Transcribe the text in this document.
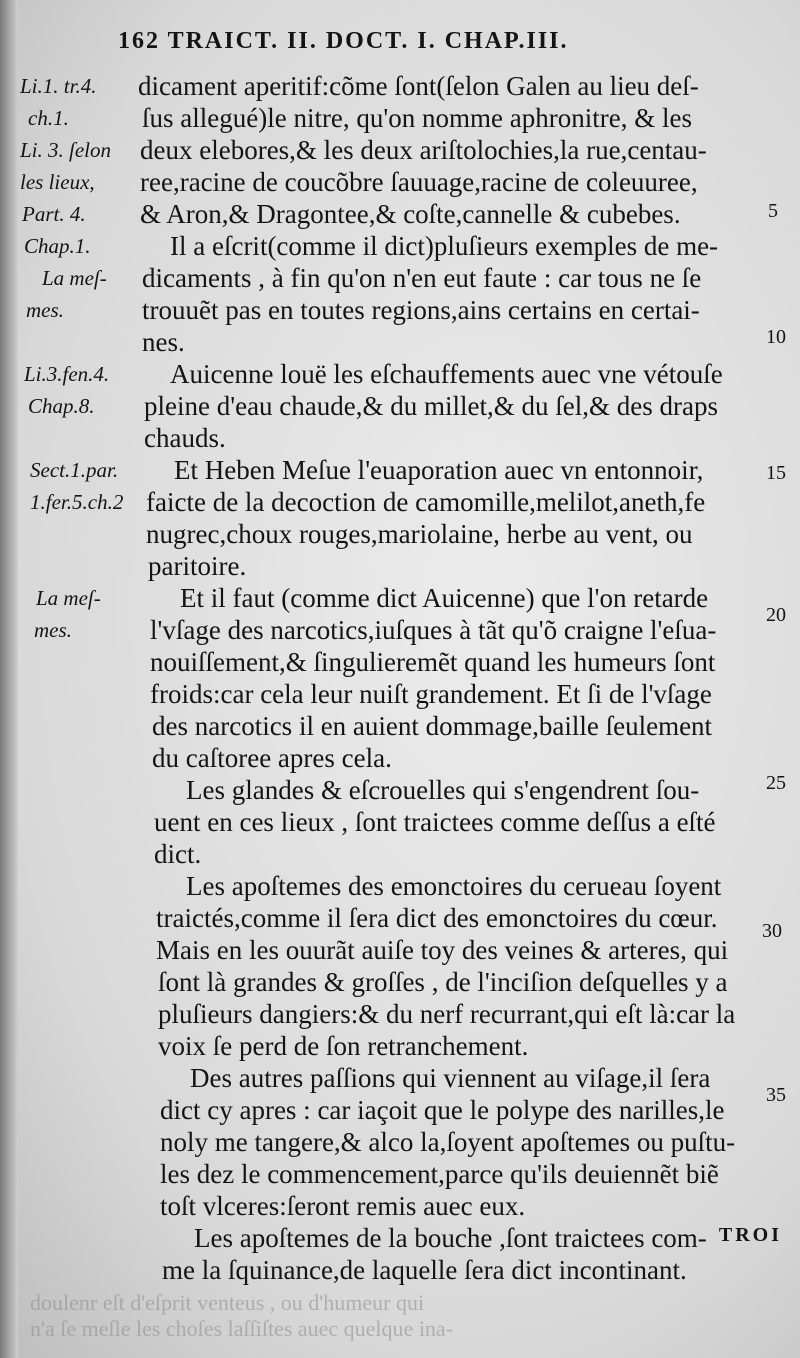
162 TRAICT. II. DOCT. I. CHAP.III.
dicament aperitif:cõme ſont(ſelon Galen au lieu deſ-
ſus allegué)le nitre, qu'on nomme aphronitre, & les
deux elebores,& les deux ariſtolochies,la rue,centau-
ree,racine de coucõbre ſauuage,racine de coleuuree,
& Aron,& Dragontee,& coſte,cannelle & cubebes.
Il a eſcrit(comme il dict)pluſieurs exemples de me-
dicaments , à fin qu'on n'en eut faute : car tous ne ſe
trouuẽt pas en toutes regions,ains certains en certai-
nes.
Auicenne louë les eſchauffements auec vne vétouſe
pleine d'eau chaude,& du millet,& du ſel,& des draps
chauds.
Et Heben Meſue l'euaporation auec vn entonnoir,
faicte de la decoction de camomille,melilot,aneth,fe
nugrec,choux rouges,mariolaine, herbe au vent, ou
paritoire.
Et il faut (comme dict Auicenne) que l'on retarde
l'vſage des narcotics,iuſques à tãt qu'õ craigne l'eſua-
nouiſſement,& ſingulieremẽt quand les humeurs ſont
froids:car cela leur nuiſt grandement. Et ſi de l'vſage
des narcotics il en auient dommage,baille ſeulement
du caſtoree apres cela.
Les glandes & eſcrouelles qui s'engendrent ſou-
uent en ces lieux , ſont traictees comme deſſus a eſté
dict.
Les apoſtemes des emonctoires du cerueau ſoyent
traictés,comme il ſera dict des emonctoires du cœur.
Mais en les ouurãt auiſe toy des veines & arteres, qui
ſont là grandes & groſſes , de l'inciſion deſquelles y a
pluſieurs dangiers:& du nerf recurrant,qui eſt là:car la
voix ſe perd de ſon retranchement.
Des autres paſſions qui viennent au viſage,il ſera
dict cy apres : car iaçoit que le polype des narilles,le
noly me tangere,& alco la,ſoyent apoſtemes ou puſtu-
les dez le commencement,parce qu'ils deuiennẽt biẽ
toſt vlceres:ſeront remis auec eux.
Les apoſtemes de la bouche ,ſont traictees com-
me la ſquinance,de laquelle ſera dict incontinant.
Li.1. tr.4.
ch.1.
Li. 3. ſelon
les lieux,
Part. 4.
Chap.1.
La meſ-
mes.
Li.3.fen.4.
Chap.8.
Sect.1.par.
1.fer.5.ch.2
La meſ-
mes.
5
10
15
20
25
30
35
TROI
doulenr eſt d'eſprit venteus , ou d'humeur qui
n'a ſe meſle les choſes laſſiſtes auec quelque ina-
